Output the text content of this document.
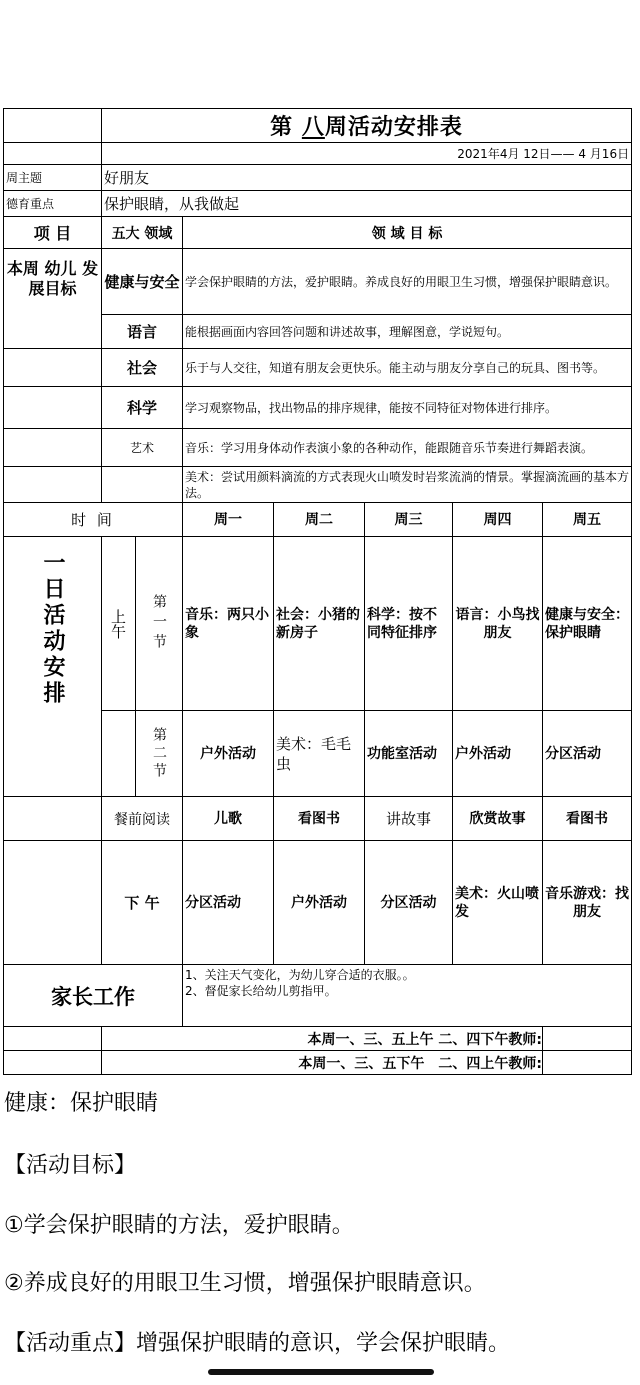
	第 八周活动安排表						
	2021年4月 12日—— 4 月16日						
周主题	好朋友						
德育重点	保护眼睛，从我做起						
项 目	五大 领域		领 域 目 标				
本周 幼儿 发展目标	健康与安全		学会保护眼睛的方法，爱护眼睛。养成良好的用眼卫生习惯，增强保护眼睛意识。				
	语言		能根据画面内容回答问题和讲述故事，理解图意，学说短句。				
	社会		乐于与人交往，知道有朋友会更快乐。能主动与朋友分享自己的玩具、图书等。				
	科学		学习观察物品，找出物品的排序规律，能按不同特征对物体进行排序。				
	艺术		音乐：学习用身体动作表演小象的各种动作，能跟随音乐节奏进行舞蹈表演。				
			美术：尝试用颜料滴流的方式表现火山喷发时岩浆流淌的情景。掌握滴流画的基本方法。				
时 间			周一	周二	周三	周四	周五

一日活动安排	上午	第一节	音乐：两只小象	社会：小猪的新房子	科学：按不同特征排序	语言：小鸟找朋友	健康与安全：保护眼睛

		第二节	户外活动	美术：毛毛虫	功能室活动	户外活动	分区活动
	餐前阅读		儿歌	看图书	讲故事	欣赏故事	看图书
	下 午		分区活动	户外活动	分区活动	美术：火山喷发	音乐游戏：找朋友
家长工作			1、关注天气变化，为幼儿穿合适的衣服。。
2、督促家长给幼儿剪指甲。				

	本周一、三、五上午 二、四下午教师:						
	本周一、三、五下午　二、四上午教师:						
健康：保护眼睛
【活动目标】
①学会保护眼睛的方法，爱护眼睛。
②养成良好的用眼卫生习惯，增强保护眼睛意识。
【活动重点】增强保护眼睛的意识，学会保护眼睛。
